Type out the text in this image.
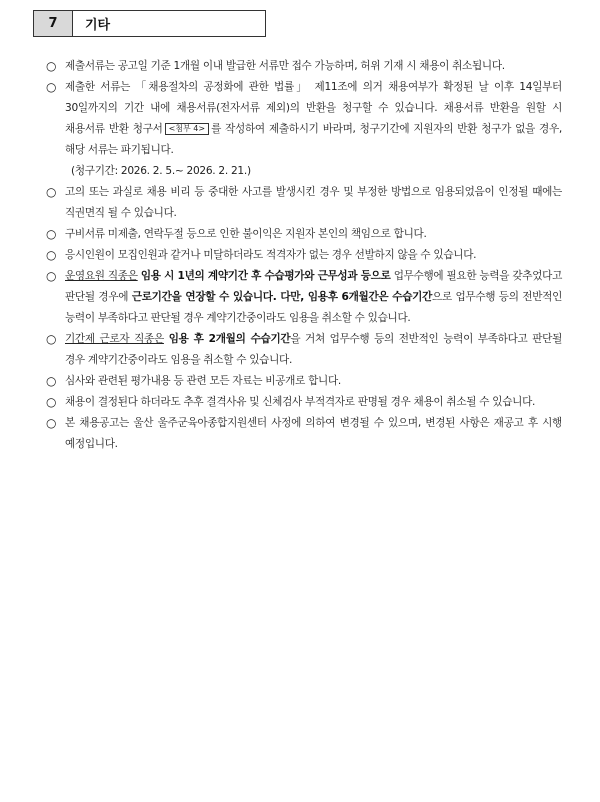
7	기타
○ 제출서류는 공고일 기준 1개월 이내 발급한 서류만 접수 가능하며, 허위 기재 시 채용이 취소됩니다.
○ 제출한 서류는 「채용절차의 공정화에 관한 법률」 제11조에 의거 채용여부가 확정된 날 이후 14일부터 30일까지의 기간 내에 채용서류(전자서류 제외)의 반환을 청구할 수 있습니다. 채용서류 반환을 원할 시 채용서류 반환 청구서 <첨부 4> 를 작성하여 제출하시기 바라며, 청구기간에 지원자의 반환 청구가 없을 경우, 해당 서류는 파기됩니다.
(청구기간: 2026. 2. 5.~ 2026. 2. 21.)
○ 고의 또는 과실로 채용 비리 등 중대한 사고를 발생시킨 경우 및 부정한 방법으로 임용되었음이 인정될 때에는 직권면직 될 수 있습니다.
○ 구비서류 미제출, 연락두절 등으로 인한 불이익은 지원자 본인의 책임으로 합니다.
○ 응시인원이 모집인원과 같거나 미달하더라도 적격자가 없는 경우 선발하지 않을 수 있습니다.
○ 운영요원 직종은 임용 시 1년의 계약기간 후 수습평가와 근무성과 등으로 업무수행에 필요한 능력을 갖추었다고 판단될 경우에 근로기간을 연장할 수 있습니다. 다만, 임용후 6개월간은 수습기간으로 업무수행 등의 전반적인 능력이 부족하다고 판단될 경우 계약기간중이라도 임용을 취소할 수 있습니다.
○ 기간제 근로자 직종은 임용 후 2개월의 수습기간을 거쳐 업무수행 등의 전반적인 능력이 부족하다고 판단될 경우 계약기간중이라도 임용을 취소할 수 있습니다.
○ 심사와 관련된 평가내용 등 관련 모든 자료는 비공개로 합니다.
○ 채용이 결정된다 하더라도 추후 결격사유 및 신체검사 부적격자로 판명될 경우 채용이 취소될 수 있습니다.
○ 본 채용공고는 울산 울주군육아종합지원센터 사정에 의하여 변경될 수 있으며, 변경된 사항은 재공고 후 시행 예정입니다.
